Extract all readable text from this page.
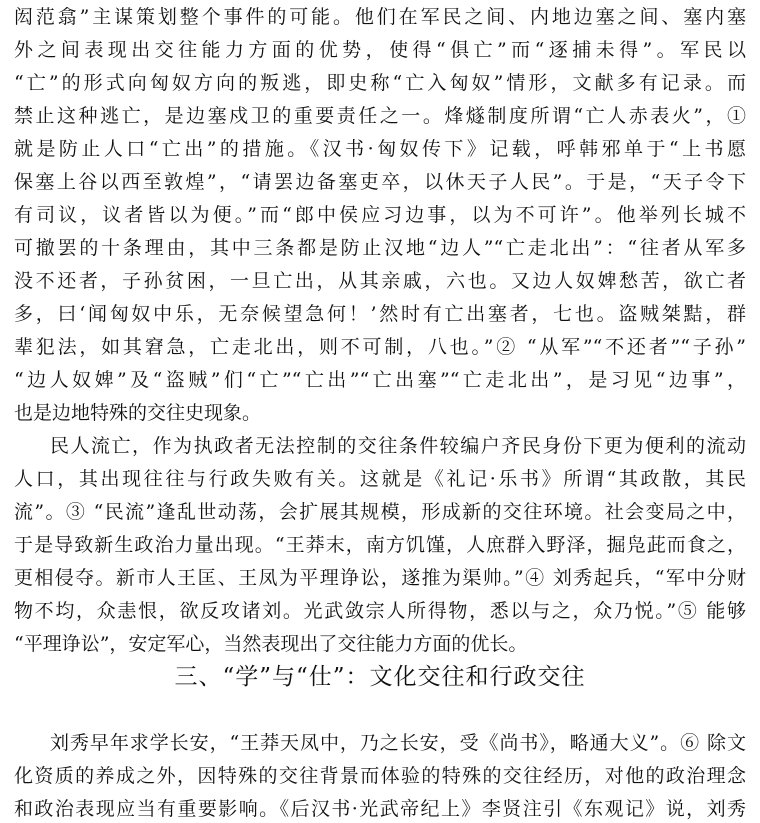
闳范翕”主谋策划整个事件的可能。他们在军民之间、内地边塞之间、塞内塞
外之间表现出交往能力方面的优势，使得“俱亡”而“逐捕未得”。军民以
“亡”的形式向匈奴方向的叛逃，即史称“亡入匈奴”情形，文献多有记录。而
禁止这种逃亡，是边塞戍卫的重要责任之一。烽燧制度所谓“亡人赤表火”，①
就是防止人口“亡出”的措施。《汉书·匈奴传下》记载，呼韩邪单于“上书愿
保塞上谷以西至敦煌”，“请罢边备塞吏卒，以休天子人民”。于是，“天子令下
有司议，议者皆以为便。”而“郎中侯应习边事，以为不可许”。他举列长城不
可撤罢的十条理由，其中三条都是防止汉地“边人”“亡走北出”：“往者从军多
没不还者，子孙贫困，一旦亡出，从其亲戚，六也。又边人奴婢愁苦，欲亡者
多，曰‘闻匈奴中乐，无奈候望急何！’然时有亡出塞者，七也。盗贼桀黠，群
辈犯法，如其窘急，亡走北出，则不可制，八也。”② “从军”“不还者”“子孙”
“边人奴婢”及“盗贼”们“亡”“亡出”“亡出塞”“亡走北出”，是习见“边事”，
也是边地特殊的交往史现象。
民人流亡，作为执政者无法控制的交往条件较编户齐民身份下更为便利的流动
人口，其出现往往与行政失败有关。这就是《礼记·乐书》所谓“其政散，其民
流”。③ “民流”逢乱世动荡，会扩展其规模，形成新的交往环境。社会变局之中，
于是导致新生政治力量出现。“王莽末，南方饥馑，人庶群入野泽，掘凫茈而食之，
更相侵夺。新市人王匡、王凤为平理诤讼，遂推为渠帅。”④ 刘秀起兵，“军中分财
物不均，众恚恨，欲反攻诸刘。光武敛宗人所得物，悉以与之，众乃悦。”⑤ 能够
“平理诤讼”，安定军心，当然表现出了交往能力方面的优长。
三、“学”与“仕”：文化交往和行政交往
刘秀早年求学长安，“王莽天凤中，乃之长安，受《尚书》，略通大义”。⑥ 除文
化资质的养成之外，因特殊的交往背景而体验的特殊的交往经历，对他的政治理念
和政治表现应当有重要影响。《后汉书·光武帝纪上》李贤注引《东观记》说，刘秀
